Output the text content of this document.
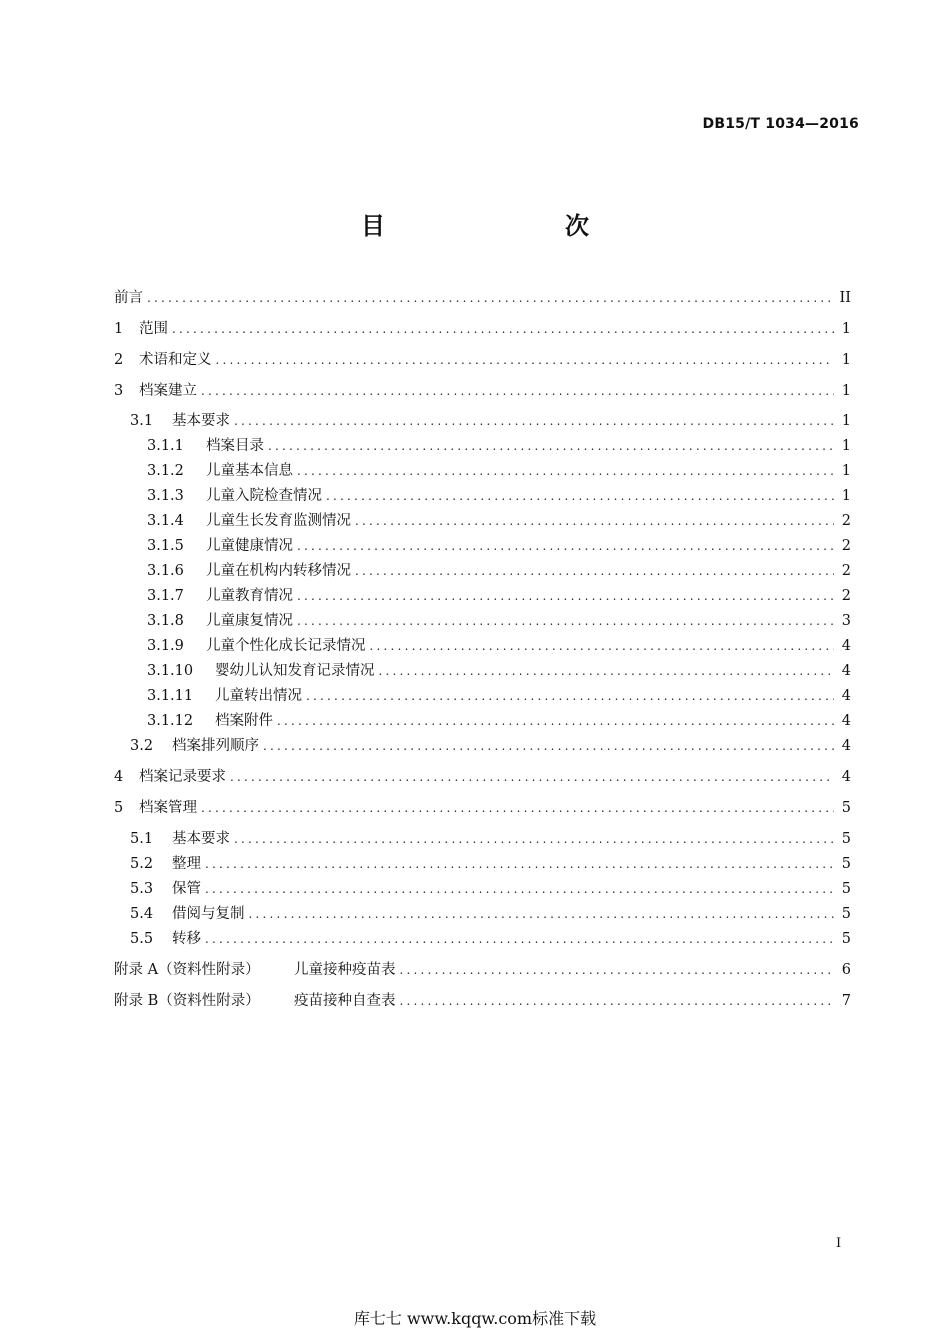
DB15/T 1034—2016
目　　次
前言 .....	II
1	范围 .....	1
2	术语和定义 .....	1
3	档案建立 .....	1
3.1	基本要求 .....	1
3.1.1	档案目录 .....	1
3.1.2	儿童基本信息 .....	1
3.1.3	儿童入院检查情况 .....	1
3.1.4	儿童生长发育监测情况 .....	2
3.1.5	儿童健康情况 .....	2
3.1.6	儿童在机构内转移情况 .....	2
3.1.7	儿童教育情况 .....	2
3.1.8	儿童康复情况 .....	3
3.1.9	儿童个性化成长记录情况 .....	4
3.1.10	婴幼儿认知发育记录情况 .....	4
3.1.11	儿童转出情况 .....	4
3.1.12	档案附件 .....	4
3.2	档案排列顺序 .....	4
4	档案记录要求 .....	4
5	档案管理 .....	5
5.1	基本要求 .....	5
5.2	整理 .....	5
5.3	保管 .....	5
5.4	借阅与复制 .....	5
5.5	转移 .....	5
附录 A（资料性附录）	儿童接种疫苗表 .....	6
附录 B（资料性附录）	疫苗接种自查表 .....	7
I
库七七 www.kqqw.com标准下载
